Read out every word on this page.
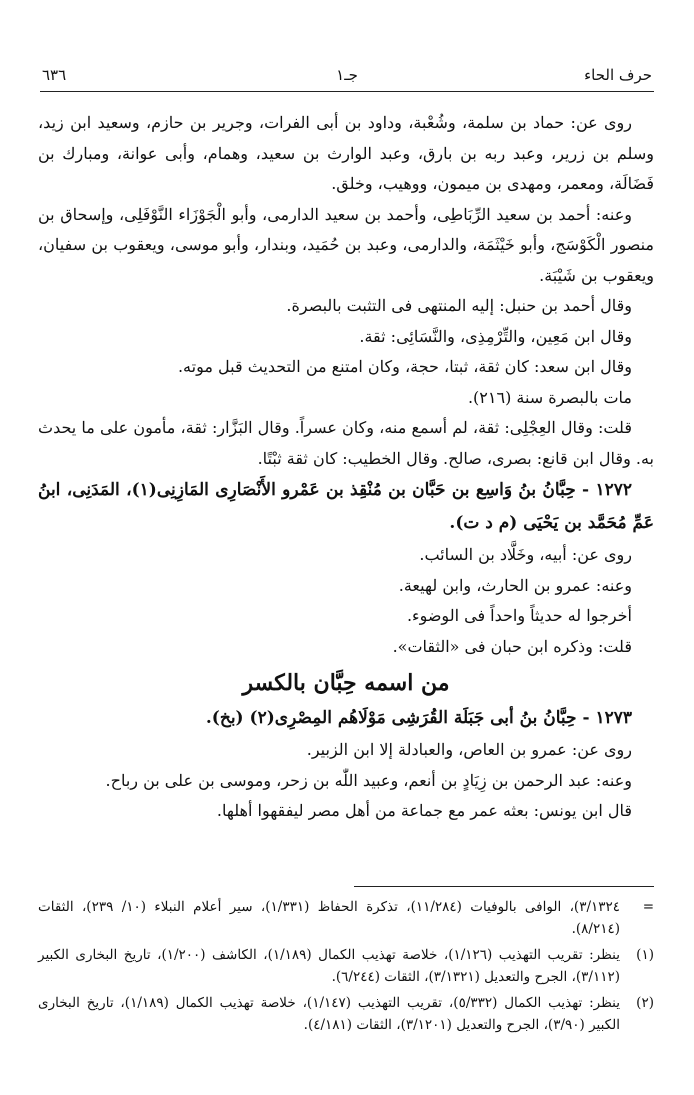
حرف الحاء
جـ١
٦٣٦

روى عن: حماد بن سلمة، وشُعْبة، وداود بن أبى الفرات، وجرير بن حازم، وسعيد ابن زيد، وسلم بن زرير، وعبد ربه بن بارق، وعبد الوارث بن سعيد، وهمام، وأبى عوانة، ومبارك بن فَضَالَة، ومعمر، ومهدى بن ميمون، ووهيب، وخلق.

وعنه: أحمد بن سعيد الرِّبَاطِى، وأحمد بن سعيد الدارمى، وأبو الْجَوْزَاء النَّوْفَلِى، وإسحاق بن منصور الْكَوْسَج، وأبو خَيْثَمَة، والدارمى، وعبد بن حُمَيد، وبندار، وأبو موسى، ويعقوب بن سفيان، ويعقوب بن شَيْبَة.

وقال أحمد بن حنبل: إليه المنتهى فى التثبت بالبصرة.

وقال ابن مَعِين، والتِّرْمِذِى، والنَّسَائِى: ثقة.

وقال ابن سعد: كان ثقة، ثبتا، حجة، وكان امتنع من التحديث قبل موته.

مات بالبصرة سنة (٢١٦).

قلت: وقال العِجْلِى: ثقة، لم أسمع منه، وكان عسراً. وقال البَزَّار: ثقة، مأمون على ما يحدث به. وقال ابن قانع: بصرى، صالح. وقال الخطيب: كان ثقة ثبْتًا.

١٢٧٢ - حِبَّانُ بنُ وَاسِع بن حَبَّان بن مُنْقِذ بن عَمْرو الأَنْصَارِى المَازِنِى(١)، المَدَنِى، ابنُ عَمِّ مُحَمَّد بن يَحْيَى (م د ت).

روى عن: أبيه، وخَلَّاد بن السائب.

وعنه: عمرو بن الحارث، وابن لهيعة.

أخرجوا له حديثاً واحداً فى الوضوء.

قلت: وذكره ابن حبان فى «الثقات».

من اسمه حِبَّان بالكسر

١٢٧٣ - حِبَّانُ بنُ أبى جَبَلَة القُرَشِى مَوْلَاهُم المِصْرِى(٢) (بخ).

روى عن: عمرو بن العاص، والعبادلة إلا ابن الزبير.

وعنه: عبد الرحمن بن زِيَادٍ بن أنعم، وعبيد اللّٰه بن زحر، وموسى بن على بن رباح.

قال ابن يونس: بعثه عمر مع جماعة من أهل مصر ليفقهوا أهلها.

=
٣/١٣٢٤)، الوافى بالوفيات (١١/٢٨٤)، تذكرة الحفاظ (١/٣٣١)، سير أعلام النبلاء (١٠/ ٢٣٩)، الثقات (٨/٢١٤).
(١)
ينظر: تقريب التهذيب (١/١٢٦)، خلاصة تهذيب الكمال (١/١٨٩)، الكاشف (١/٢٠٠)، تاريخ البخارى الكبير (٣/١١٢)، الجرح والتعديل (٣/١٣٢١)، الثقات (٦/٢٤٤).
(٢)
ينظر: تهذيب الكمال (٥/٣٣٢)، تقريب التهذيب (١/١٤٧)، خلاصة تهذيب الكمال (١/١٨٩)، تاريخ البخارى الكبير (٣/٩٠)، الجرح والتعديل (٣/١٢٠١)، الثقات (٤/١٨١).
